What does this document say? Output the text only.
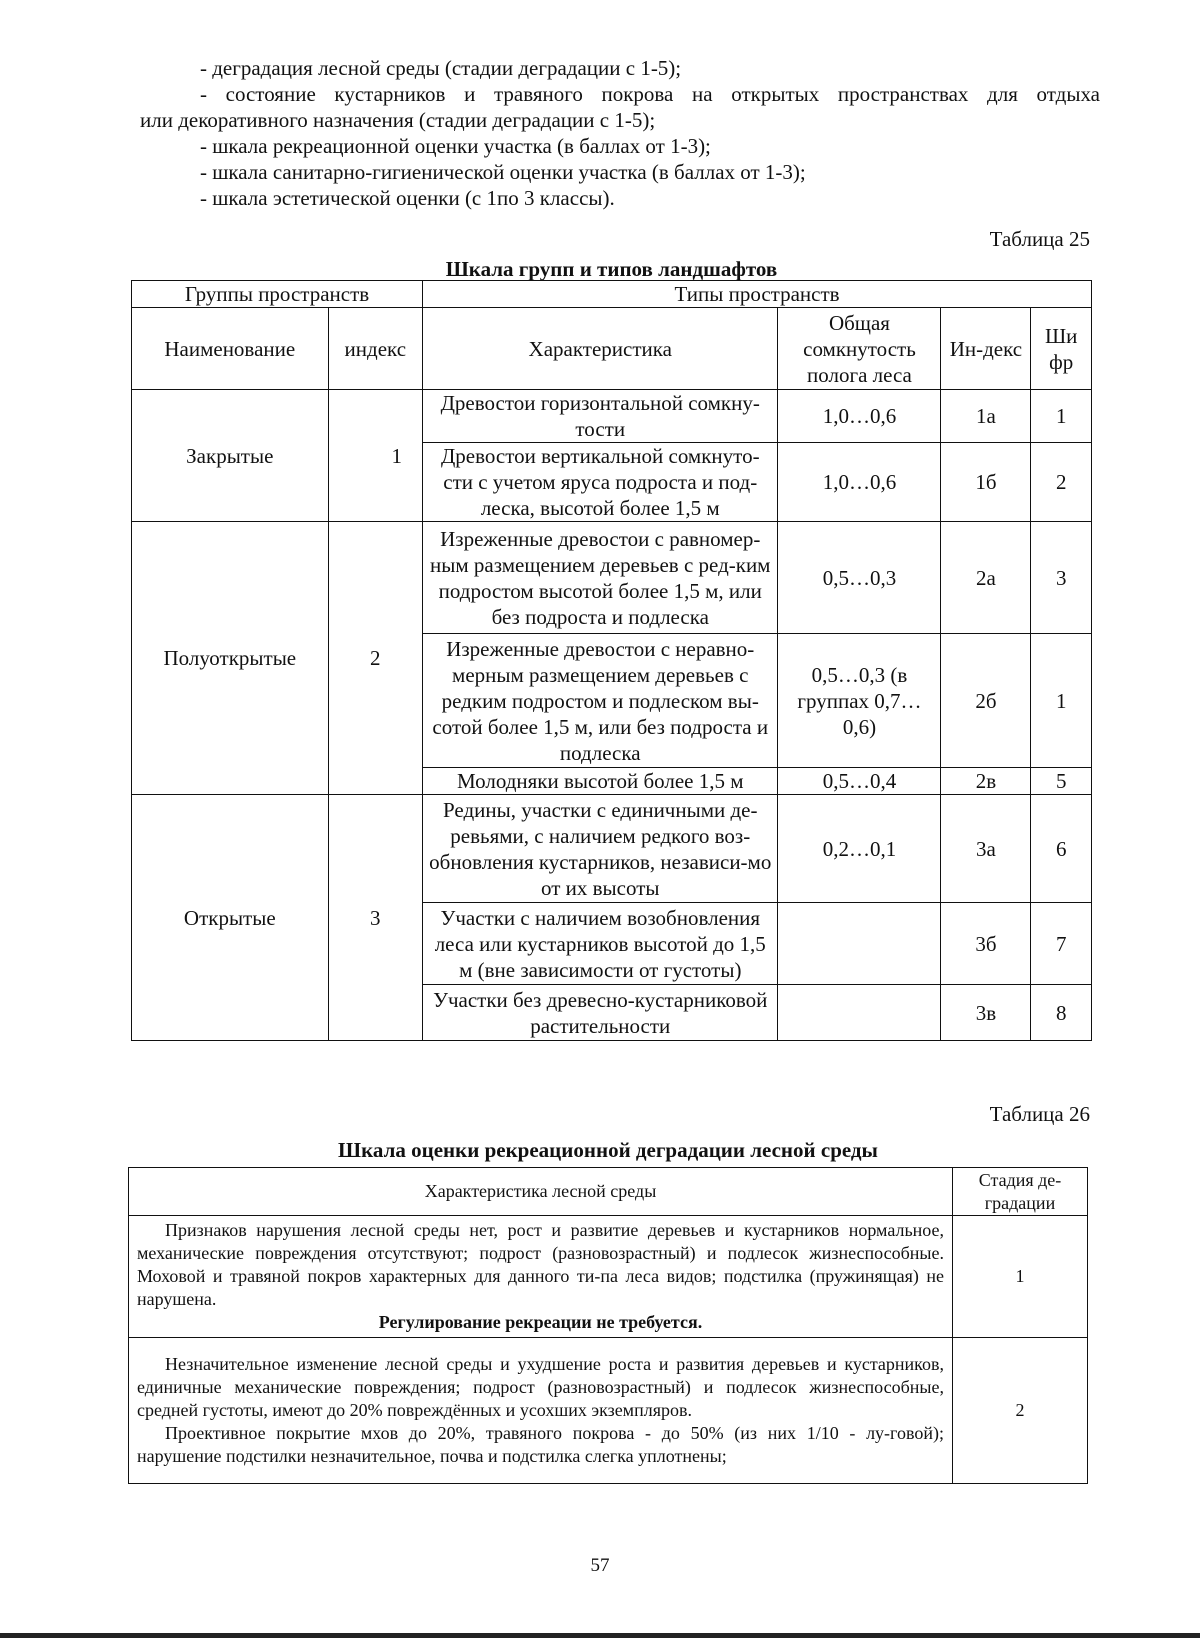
- деградация лесной среды (стадии деградации с 1-5);

- состояние кустарников и травяного покрова на открытых пространствах для отдыха

или декоративного назначения (стадии деградации с 1-5);

- шкала рекреационной оценки участка (в баллах от 1-3);

- шкала санитарно-гигиенической оценки участка (в баллах от 1-3);

- шкала эстетической оценки (с 1по 3 классы).

Таблица 25
Шкала групп и типов ландшафтов
Группы пространств		Типы пространств			
Наименование	индекс	Характеристика	Общая сомкнутость полога леса	Ин-декс	Ши фр
Закрытые	1	Древостои горизонтальной сомкну-тости	1,0…0,6	1а	1
		Древостои вертикальной сомкнуто-сти с учетом яруса подроста и под-леска, высотой более 1,5 м	1,0…0,6	1б	2
Полуоткрытые	2	Изреженные древостои с равномер-ным размещением деревьев с ред-ким подростом высотой более 1,5 м, или без подроста и подлеска	0,5…0,3	2а	3
		Изреженные древостои с неравно-мерным размещением деревьев с редким подростом и подлеском вы-сотой более 1,5 м, или без подроста и подлеска	0,5…0,3 (в группах 0,7…0,6)	2б	1
		Молодняки высотой более 1,5 м	0,5…0,4	2в	5
Открытые	3	Редины, участки с единичными де-ревьями, с наличием редкого воз-обновления кустарников, независи-мо от их высоты	0,2…0,1	3а	6
		Участки с наличием возобновления леса или кустарников высотой до 1,5 м (вне зависимости от густоты)		3б	7
		Участки без древесно-кустарниковой растительности		3в	8
Таблица 26
Шкала оценки рекреационной деградации лесной среды
Характеристика лесной среды	Стадия де-градации

Признаков нарушения лесной среды нет, рост и развитие деревьев и кустарников нормальное, механические повреждения отсутствуют; подрост (разновозрастный) и подлесок жизнеспособные. Моховой и травяной покров характерных для данного ти-па леса видов; подстилка (пружинящая) не нарушена.

Регулирование рекреации не требуется.	1

Незначительное изменение лесной среды и ухудшение роста и развития деревьев и кустарников, единичные механические повреждения; подрост (разновозрастный) и подлесок жизнеспособные, средней густоты, имеют до 20% повреждённых и усохших экземпляров.

Проективное покрытие мхов до 20%, травяного покрова - до 50% (из них 1/10 - лу-говой); нарушение подстилки незначительное, почва и подстилка слегка уплотнены;	2
57
